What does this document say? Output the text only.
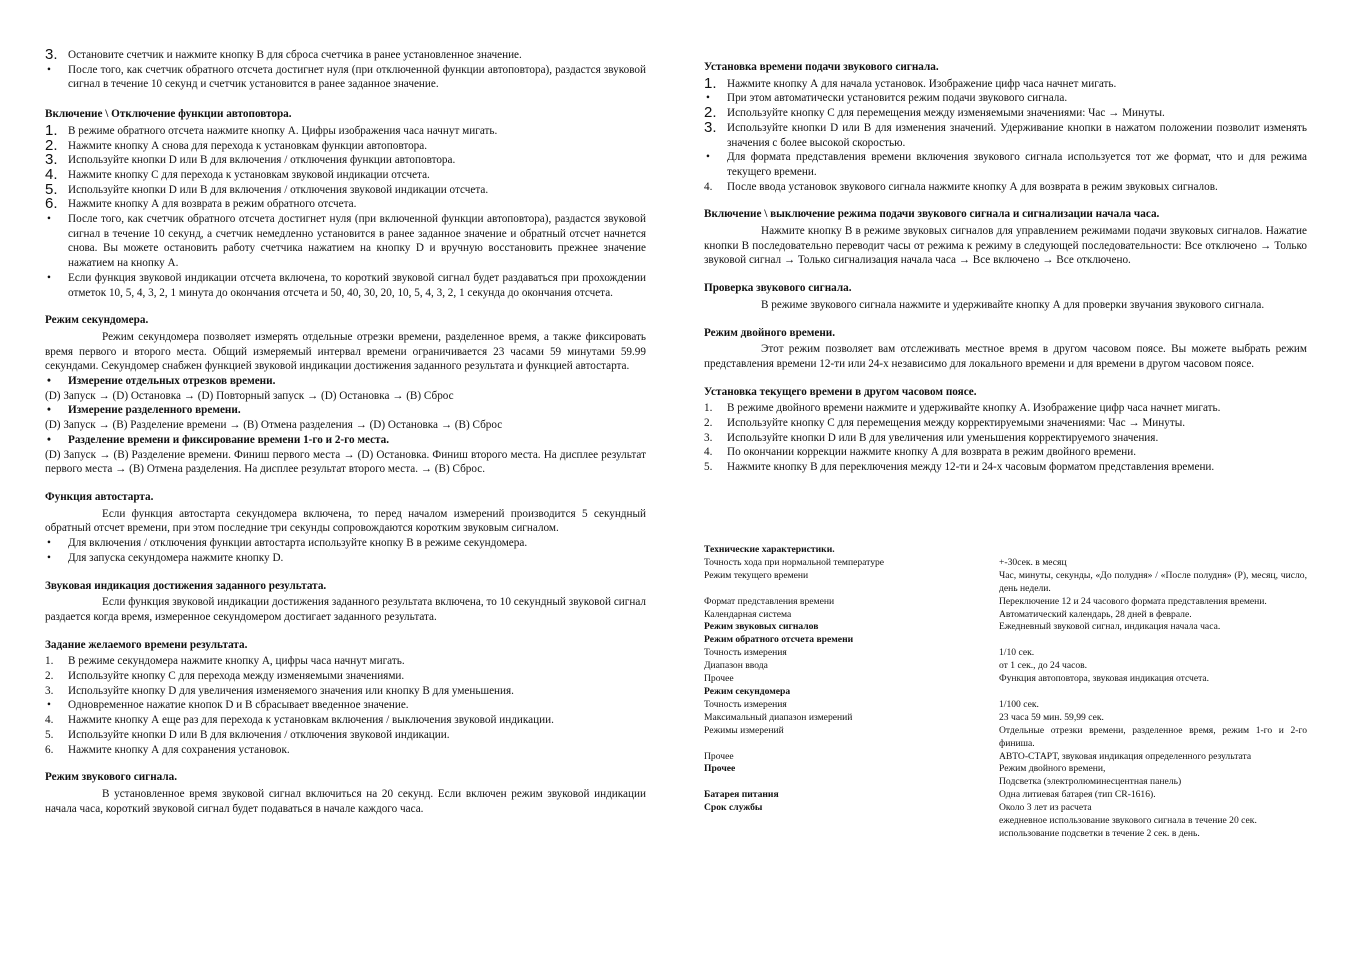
3. Остановите счетчик и нажмите кнопку В для сброса счетчика в ранее установленное значение.
• После того, как счетчик обратного отсчета достигнет нуля (при отключенной функции автоповтора), раздастся звуковой сигнал в течение 10 секунд и счетчик установится в ранее заданное значение.
Включение \ Отключение функции автоповтора.
1. В режиме обратного отсчета нажмите кнопку А. Цифры изображения часа начнут мигать.
2. Нажмите кнопку А снова для перехода к установкам функции автоповтора.
3. Используйте кнопки D или B для включения / отключения функции автоповтора.
4. Нажмите кнопку С для перехода к установкам звуковой индикации отсчета.
5. Используйте кнопки D или B для включения / отключения звуковой индикации отсчета.
6. Нажмите кнопку А для возврата в режим обратного отсчета.
• После того, как счетчик обратного отсчета достигнет нуля (при включенной функции автоповтора), раздастся звуковой сигнал в течение 10 секунд, а счетчик немедленно установится в ранее заданное значение и обратный отсчет начнется снова. Вы можете остановить работу счетчика нажатием на кнопку D и вручную восстановить прежнее значение нажатием на кнопку А.
• Если функция звуковой индикации отсчета включена, то короткий звуковой сигнал будет раздаваться при прохождении отметок 10, 5, 4, 3, 2, 1 минута до окончания отсчета и 50, 40, 30, 20, 10, 5, 4, 3, 2, 1 секунда до окончания отсчета.
Режим секундомера.
Режим секундомера позволяет измерять отдельные отрезки времени, разделенное время, а также фиксировать время первого и второго места. Общий измеряемый интервал времени ограничивается 23 часами 59 минутами 59.99 секундами. Секундомер снабжен функцией звуковой индикации достижения заданного результата и функцией автостарта.
• Измерение отдельных отрезков времени.
(D) Запуск → (D) Остановка → (D) Повторный запуск → (D) Остановка → (B) Сброс
• Измерение разделенного времени.
(D) Запуск → (B) Разделение времени → (B) Отмена разделения → (D) Остановка → (B) Сброс
• Разделение времени и фиксирование времени 1-го и 2-го места.
(D) Запуск → (B) Разделение времени. Финиш первого места → (D) Остановка. Финиш второго места. На дисплее результат первого места → (B) Отмена разделения. На дисплее результат второго места. → (B) Сброс.
Функция автостарта.
Если функция автостарта секундомера включена, то перед началом измерений производится 5 секундный обратный отсчет времени, при этом последние три секунды сопровождаются коротким звуковым сигналом.
• Для включения / отключения функции автостарта используйте кнопку В в режиме секундомера.
• Для запуска секундомера нажмите кнопку D.
Звуковая индикация достижения заданного результата.
Если функция звуковой индикации достижения заданного результата включена, то 10 секундный звуковой сигнал раздается когда время, измеренное секундомером достигает заданного результата.
Задание желаемого времени результата.
1. В режиме секундомера нажмите кнопку А, цифры часа начнут мигать.
2. Используйте кнопку С для перехода между изменяемыми значениями.
3. Используйте кнопку D для увеличения изменяемого значения или кнопку В для уменьшения.
• Одновременное нажатие кнопок D и B сбрасывает введенное значение.
4. Нажмите кнопку А еще раз для перехода к установкам включения / выключения звуковой индикации.
5. Используйте кнопки D или В для включения / отключения звуковой индикации.
6. Нажмите кнопку А для сохранения установок.
Режим звукового сигнала.
В установленное время звуковой сигнал включиться на 20 секунд. Если включен режим звуковой индикации начала часа, короткий звуковой сигнал будет подаваться в начале каждого часа.
Установка времени подачи звукового сигнала.
1. Нажмите кнопку А для начала установок. Изображение цифр часа начнет мигать.
• При этом автоматически установится режим подачи звукового сигнала.
2. Используйте кнопку С для перемещения между изменяемыми значениями: Час → Минуты.
3. Используйте кнопки D или B для изменения значений. Удерживание кнопки в нажатом положении позволит изменять значения с более высокой скоростью.
• Для формата представления времени включения звукового сигнала используется тот же формат, что и для режима текущего времени.
4. После ввода установок звукового сигнала нажмите кнопку А для возврата в режим звуковых сигналов.
Включение \ выключение режима подачи звукового сигнала и сигнализации начала часа.
Нажмите кнопку В в режиме звуковых сигналов для управлением режимами подачи звуковых сигналов. Нажатие кнопки В последовательно переводит часы от режима к режиму в следующей последовательности: Все отключено → Только звуковой сигнал → Только сигнализация начала часа → Все включено → Все отключено.
Проверка звукового сигнала.
В режиме звукового сигнала нажмите и удерживайте кнопку А для проверки звучания звукового сигнала.
Режим двойного времени.
Этот режим позволяет вам отслеживать местное время в другом часовом поясе. Вы можете выбрать режим представления времени 12-ти или 24-х независимо для локального времени и для времени в другом часовом поясе.
Установка текущего времени в другом часовом поясе.
1. В режиме двойного времени нажмите и удерживайте кнопку А. Изображение цифр часа начнет мигать.
2. Используйте кнопку С для перемещения между корректируемыми значениями: Час → Минуты.
3. Используйте кнопки D или В для увеличения или уменьшения корректируемого значения.
4. По окончании коррекции нажмите кнопку А для возврата в режим двойного времени.
5. Нажмите кнопку В для переключения между 12-ти и 24-х часовым форматом представления времени.
Технические характеристики.
Точность хода при нормальной температуре	+-30сек. в месяц
Режим текущего времени	Час, минуты, секунды, «До полудня» / «После полудня» (Р), месяц, число, день недели.
Формат представления времени	Переключение 12 и 24 часового формата представления времени.
Календарная система	Автоматический календарь, 28 дней в феврале.
Режим звуковых сигналов	Ежедневный звуковой сигнал, индикация начала часа.
Режим обратного отсчета времени
Точность измерения	1/10 сек.
Диапазон ввода	от 1 сек., до 24 часов.
Прочее	Функция автоповтора, звуковая индикация отсчета.
Режим секундомера
Точность измерения	1/100 сек.
Максимальный диапазон измерений	23 часа 59 мин. 59,99 сек.
Режимы измерений	Отдельные отрезки времени, разделенное время, режим 1-го и 2-го финиша.
Прочее	АВТО-СТАРТ, звуковая индикация определенного результата
Прочее	Режим двойного времени,
Подсветка (электролюминесцентная панель)
Батарея питания	Одна литиевая батарея (тип CR-1616).
Срок службы	Около 3 лет из расчета
ежедневное использование звукового сигнала в течение 20 сек.
использование подсветки в течение 2 сек. в день.
